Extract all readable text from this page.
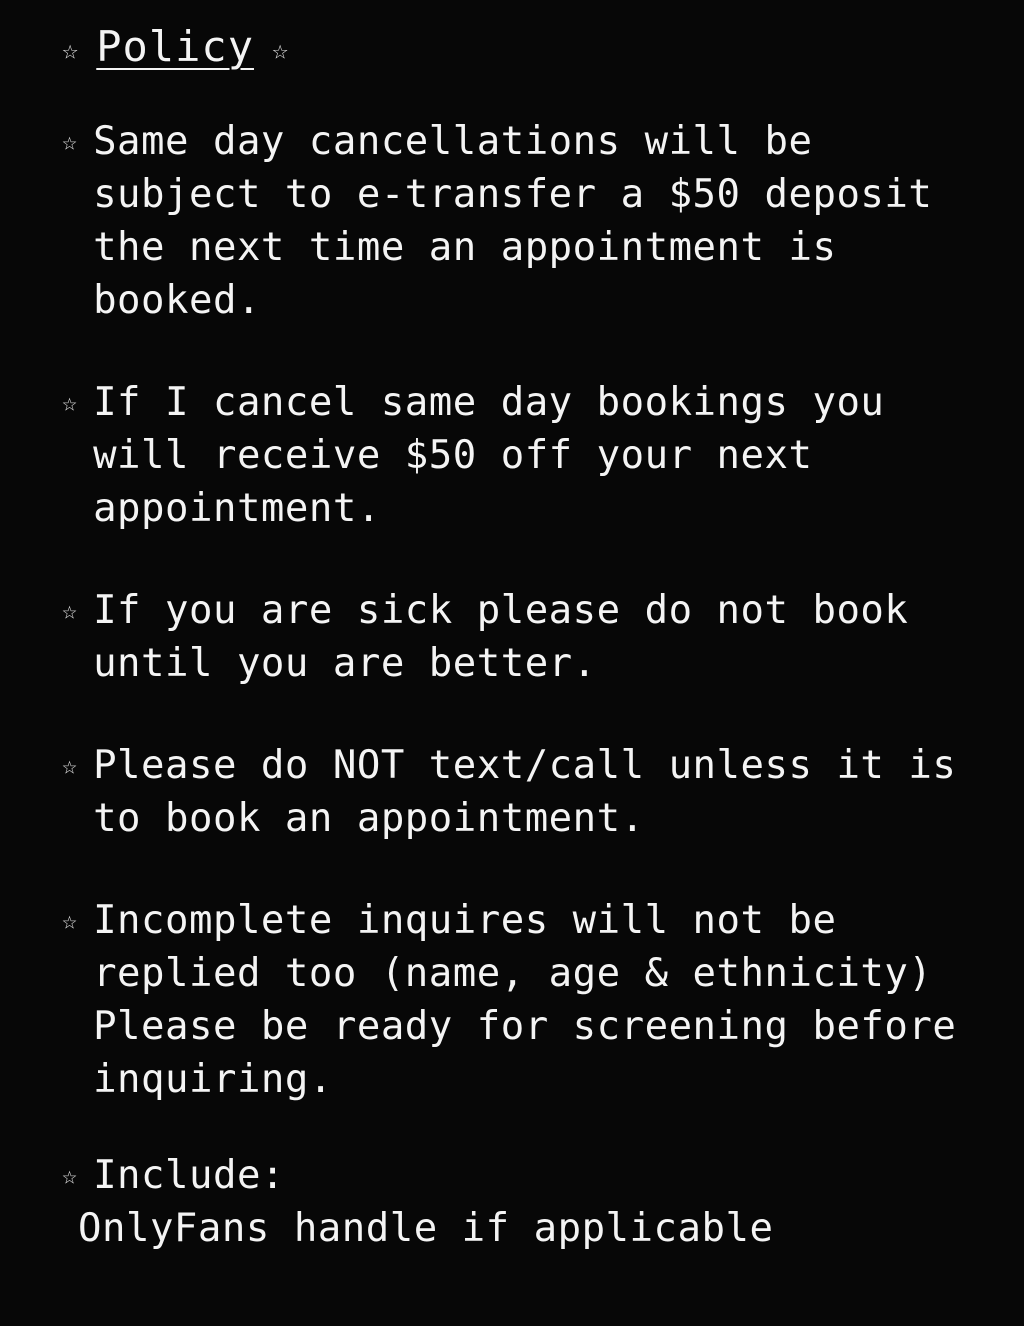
☆ Policy ☆
☆ Same day cancellations will be subject to e-transfer a $50 deposit the next time an appointment is booked.
☆ If I cancel same day bookings you will receive $50 off your next appointment.
☆ If you are sick please do not book until you are better.
☆ Please do NOT text/call unless it is to book an appointment.
☆ Incomplete inquires will not be replied too (name, age & ethnicity) Please be ready for screening before inquiring.
☆ Include:
OnlyFans handle if applicable
